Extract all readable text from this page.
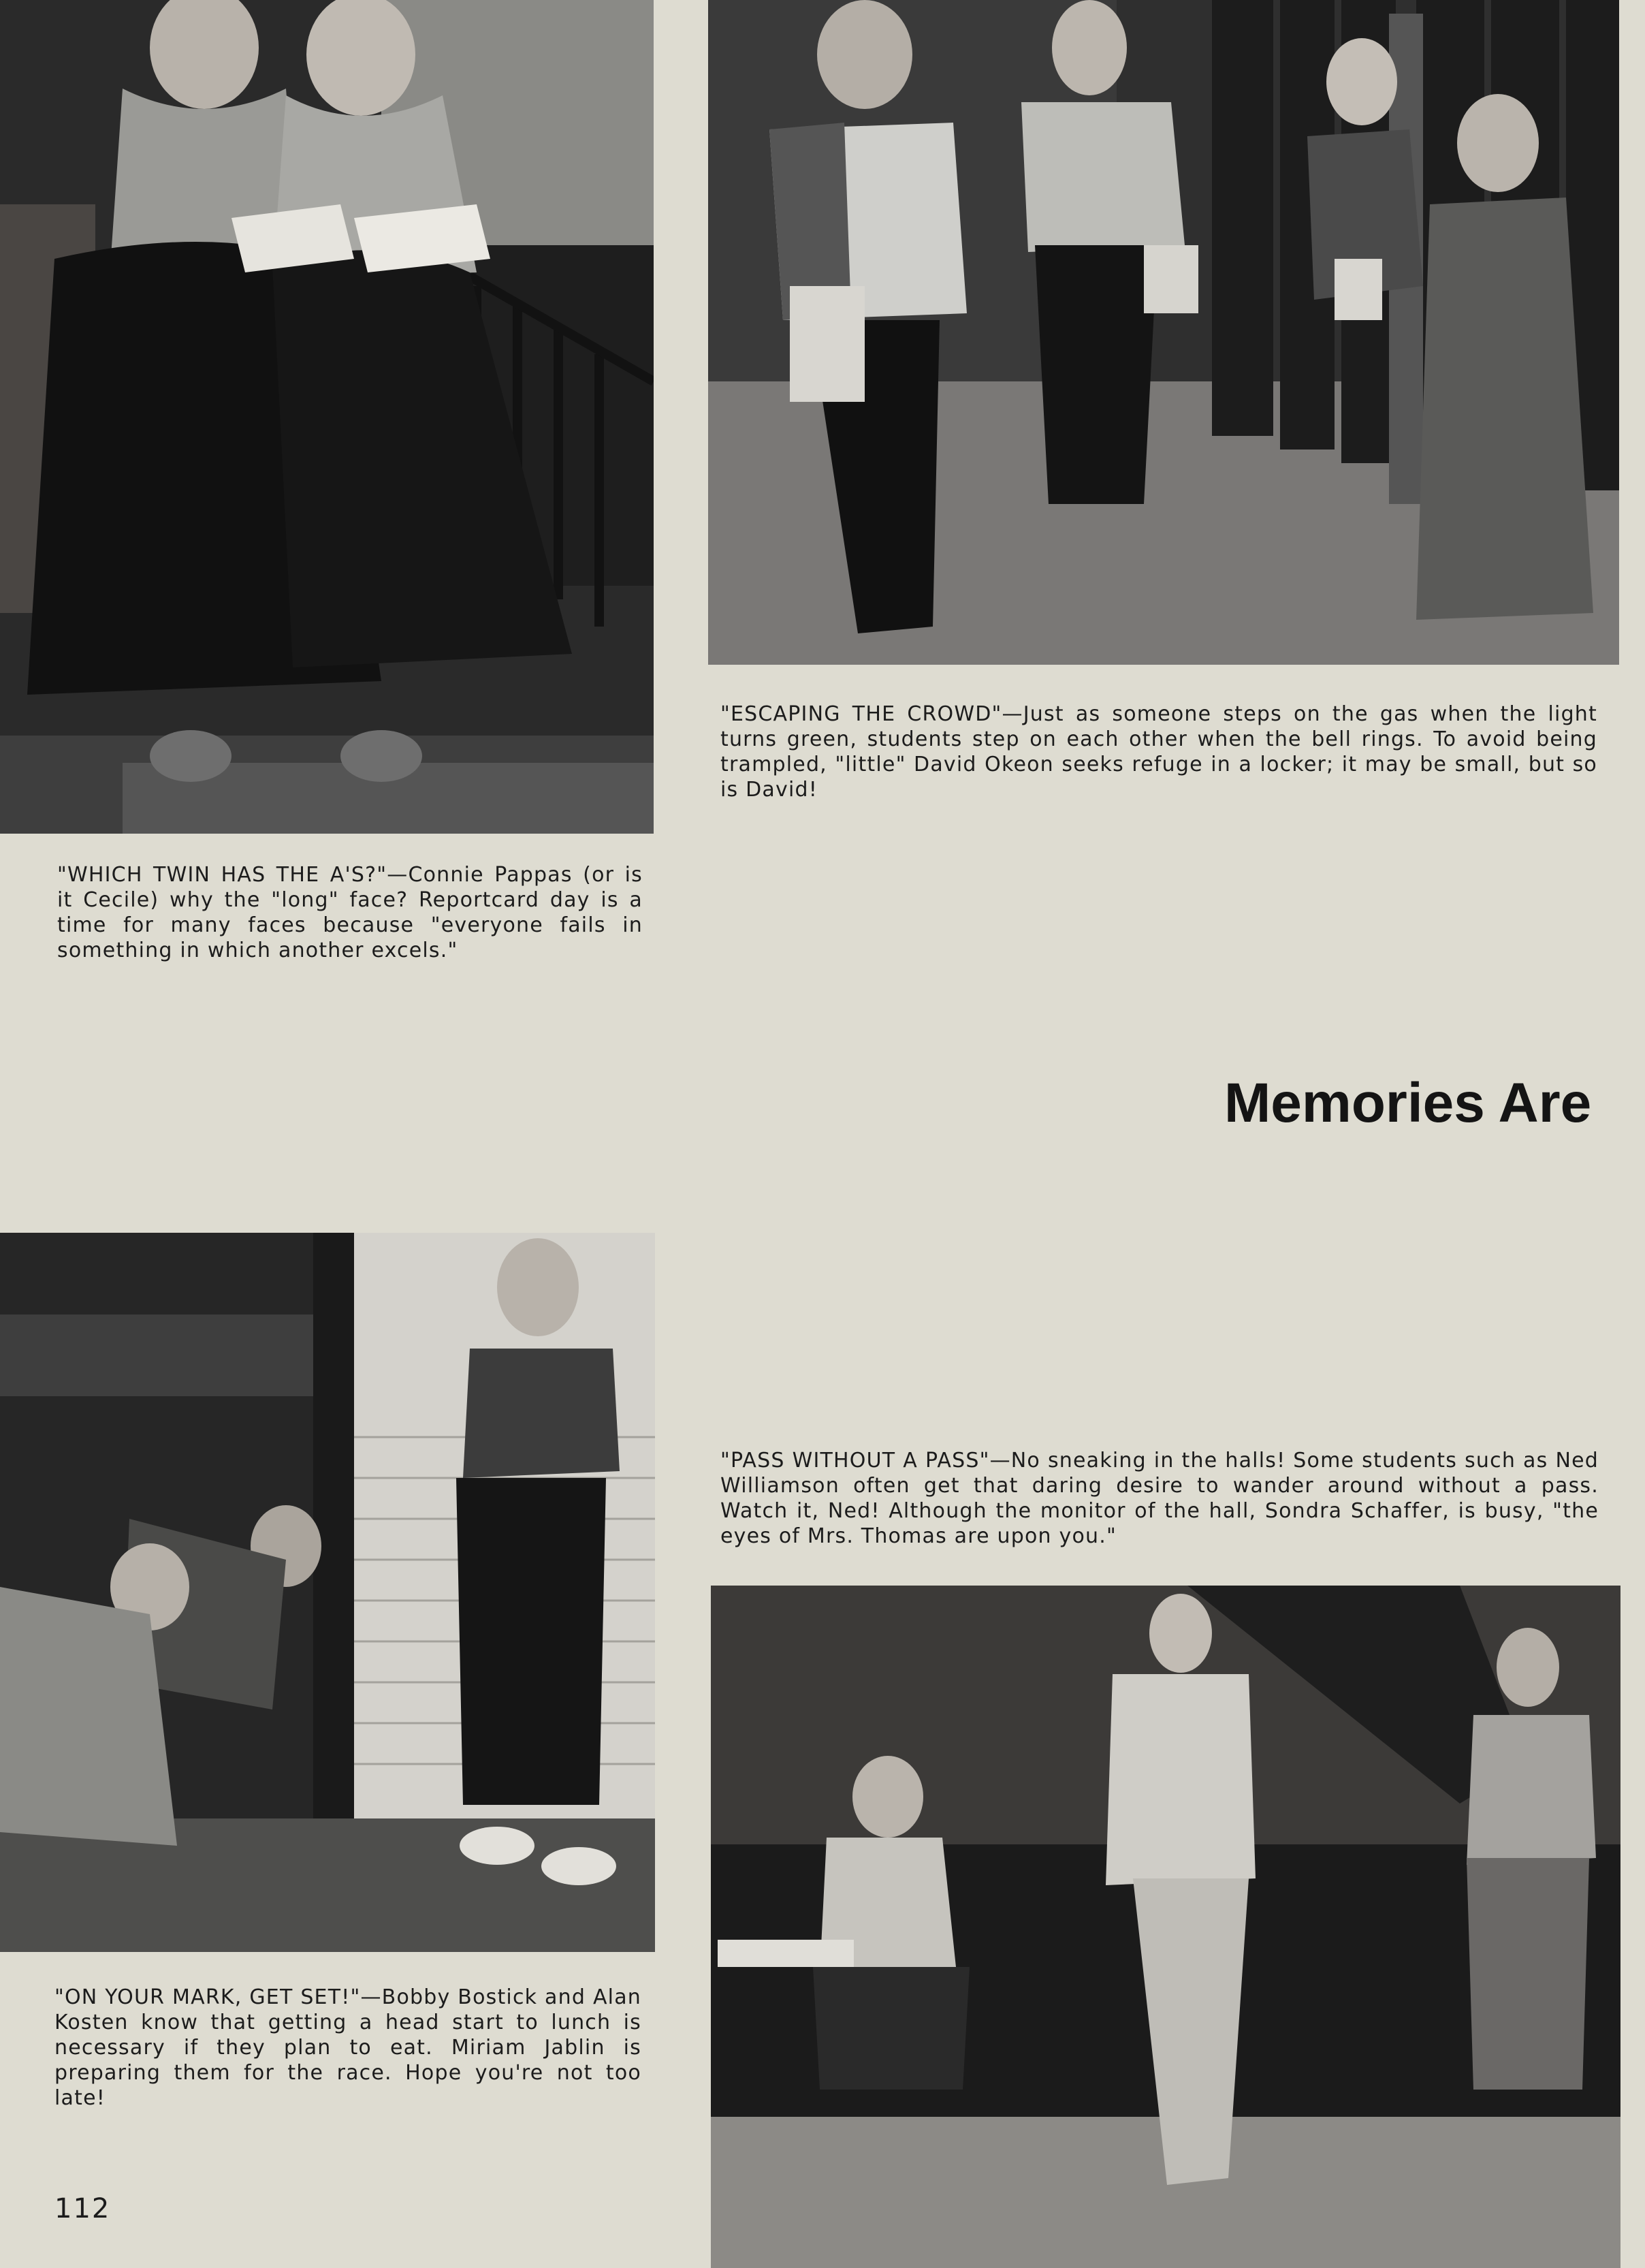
"WHICH TWIN HAS THE A'S?"—Connie Pappas (or is it Cecile) why the "long" face? Reportcard day is a time for many faces because "everyone fails in something in which another excels."

"ESCAPING THE CROWD"—Just as someone steps on the gas when the light turns green, students step on each other when the bell rings. To avoid being trampled, "little" David Okeon seeks refuge in a locker; it may be small, but so is David!

Memories Are

"ON YOUR MARK, GET SET!"—Bobby Bostick and Alan Kosten know that getting a head start to lunch is necessary if they plan to eat. Miriam Jablin is preparing them for the race. Hope you're not too late!

"PASS WITHOUT A PASS"—No sneaking in the halls! Some students such as Ned Williamson often get that daring desire to wander around without a pass. Watch it, Ned! Although the monitor of the hall, Sondra Schaffer, is busy, "the eyes of Mrs. Thomas are upon you."

112
